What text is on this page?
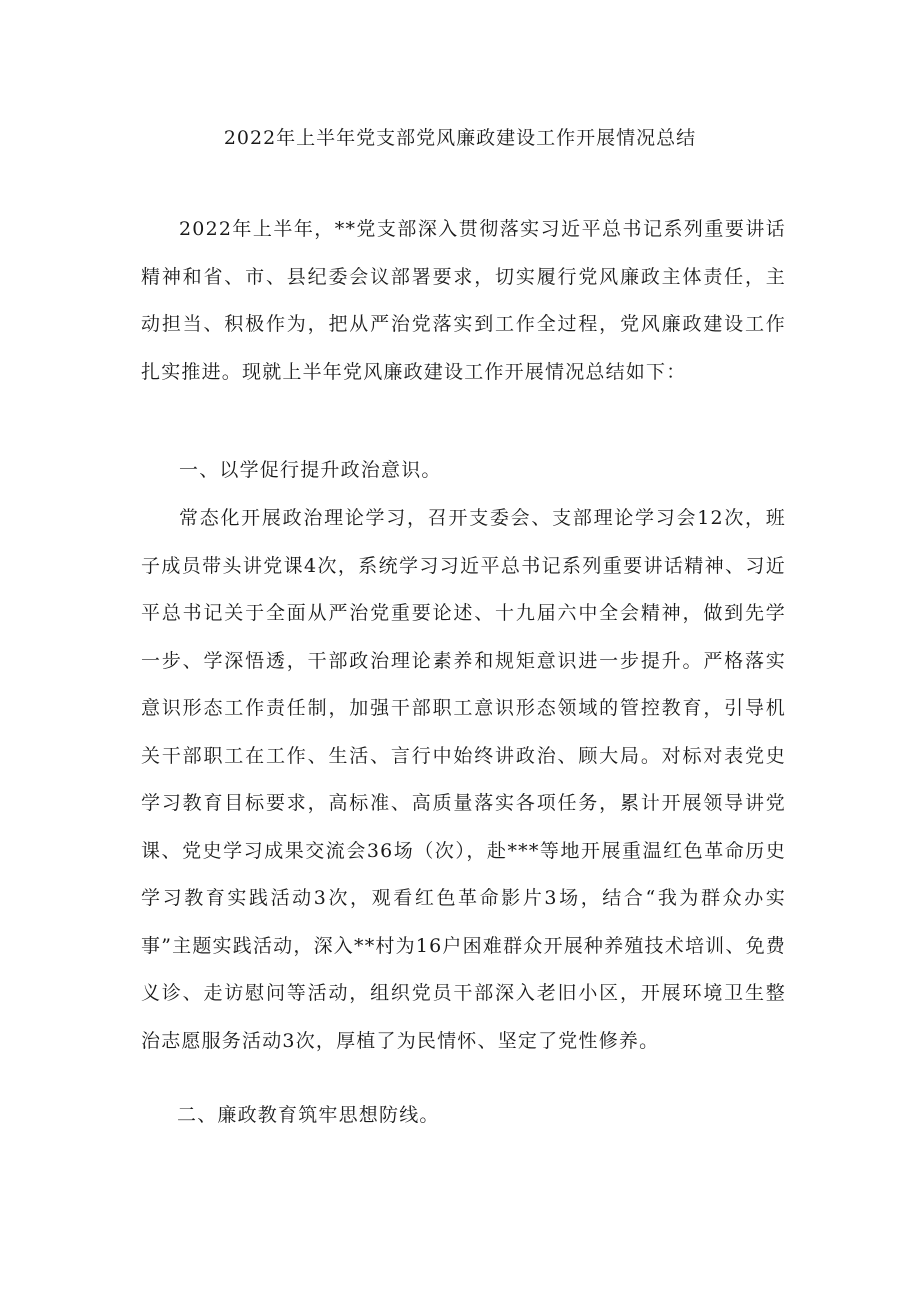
2022年上半年党支部党风廉政建设工作开展情况总结

2022年上半年，**党支部深入贯彻落实习近平总书记系列重要讲话精神和省、市、县纪委会议部署要求，切实履行党风廉政主体责任，主动担当、积极作为，把从严治党落实到工作全过程，党风廉政建设工作扎实推进。现就上半年党风廉政建设工作开展情况总结如下：

一、以学促行提升政治意识。

常态化开展政治理论学习，召开支委会、支部理论学习会12次，班子成员带头讲党课4次，系统学习习近平总书记系列重要讲话精神、习近平总书记关于全面从严治党重要论述、十九届六中全会精神，做到先学一步、学深悟透，干部政治理论素养和规矩意识进一步提升。严格落实意识形态工作责任制，加强干部职工意识形态领域的管控教育，引导机关干部职工在工作、生活、言行中始终讲政治、顾大局。对标对表党史学习教育目标要求，高标准、高质量落实各项任务，累计开展领导讲党课、党史学习成果交流会36场（次），赴***等地开展重温红色革命历史学习教育实践活动3次，观看红色革命影片3场，结合“我为群众办实事”主题实践活动，深入**村为16户困难群众开展种养殖技术培训、免费义诊、走访慰问等活动，组织党员干部深入老旧小区，开展环境卫生整治志愿服务活动3次，厚植了为民情怀、坚定了党性修养。

二、廉政教育筑牢思想防线。
